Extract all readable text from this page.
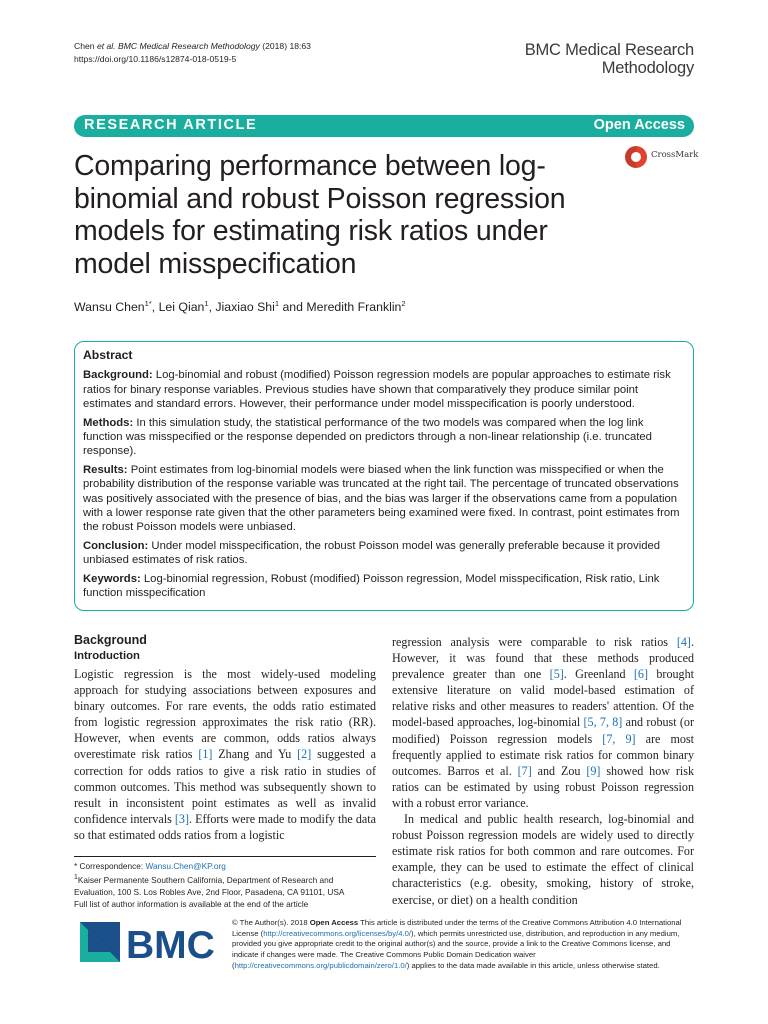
Chen et al. BMC Medical Research Methodology (2018) 18:63
https://doi.org/10.1186/s12874-018-0519-5	BMC Medical Research
Methodology
RESEARCH ARTICLE	Open Access
Comparing performance between log-binomial and robust Poisson regression models for estimating risk ratios under model misspecification
CrossMark
Wansu Chen$^{1*}$, Lei Qian$^1$, Jiaxiao Shi$^1$ and Meredith Franklin$^2$
Abstract

Background: Log-binomial and robust (modified) Poisson regression models are popular approaches to estimate risk ratios for binary response variables. Previous studies have shown that comparatively they produce similar point estimates and standard errors. However, their performance under model misspecification is poorly understood.

Methods: In this simulation study, the statistical performance of the two models was compared when the log link function was misspecified or the response depended on predictors through a non-linear relationship (i.e. truncated response).

Results: Point estimates from log-binomial models were biased when the link function was misspecified or when the probability distribution of the response variable was truncated at the right tail. The percentage of truncated observations was positively associated with the presence of bias, and the bias was larger if the observations came from a population with a lower response rate given that the other parameters being examined were fixed. In contrast, point estimates from the robust Poisson models were unbiased.

Conclusion: Under model misspecification, the robust Poisson model was generally preferable because it provided unbiased estimates of risk ratios.

Keywords: Log-binomial regression, Robust (modified) Poisson regression, Model misspecification, Risk ratio, Link function misspecification

Background
Introduction

Logistic regression is the most widely-used modeling approach for studying associations between exposures and binary outcomes. For rare events, the odds ratio estimated from logistic regression approximates the risk ratio (RR). However, when events are common, odds ratios always overestimate risk ratios [1] Zhang and Yu [2] suggested a correction for odds ratios to give a risk ratio in studies of common outcomes. This method was subsequently shown to result in inconsistent point estimates as well as invalid confidence intervals [3]. Efforts were made to modify the data so that estimated odds ratios from a logistic

regression analysis were comparable to risk ratios [4]. However, it was found that these methods produced prevalence greater than one [5]. Greenland [6] brought extensive literature on valid model-based estimation of relative risks and other measures to readers' attention. Of the model-based approaches, log-binomial [5, 7, 8] and robust (or modified) Poisson regression models [7, 9] are most frequently applied to estimate risk ratios for common binary outcomes. Barros et al. [7] and Zou [9] showed how risk ratios can be estimated by using robust Poisson regression with a robust error variance.

In medical and public health research, log-binomial and robust Poisson regression models are widely used to directly estimate risk ratios for both common and rare outcomes. For example, they can be used to estimate the effect of clinical characteristics (e.g. obesity, smoking, history of stroke, exercise, or diet) on a health condition

* Correspondence: Wansu.Chen@KP.org
$^1$Kaiser Permanente Southern California, Department of Research and Evaluation, 100 S. Los Robles Ave, 2nd Floor, Pasadena, CA 91101, USA
Full list of author information is available at the end of the article
BMC
© The Author(s). 2018 Open Access This article is distributed under the terms of the Creative Commons Attribution 4.0 International License (http://creativecommons.org/licenses/by/4.0/), which permits unrestricted use, distribution, and reproduction in any medium, provided you give appropriate credit to the original author(s) and the source, provide a link to the Creative Commons license, and indicate if changes were made. The Creative Commons Public Domain Dedication waiver (http://creativecommons.org/publicdomain/zero/1.0/) applies to the data made available in this article, unless otherwise stated.
